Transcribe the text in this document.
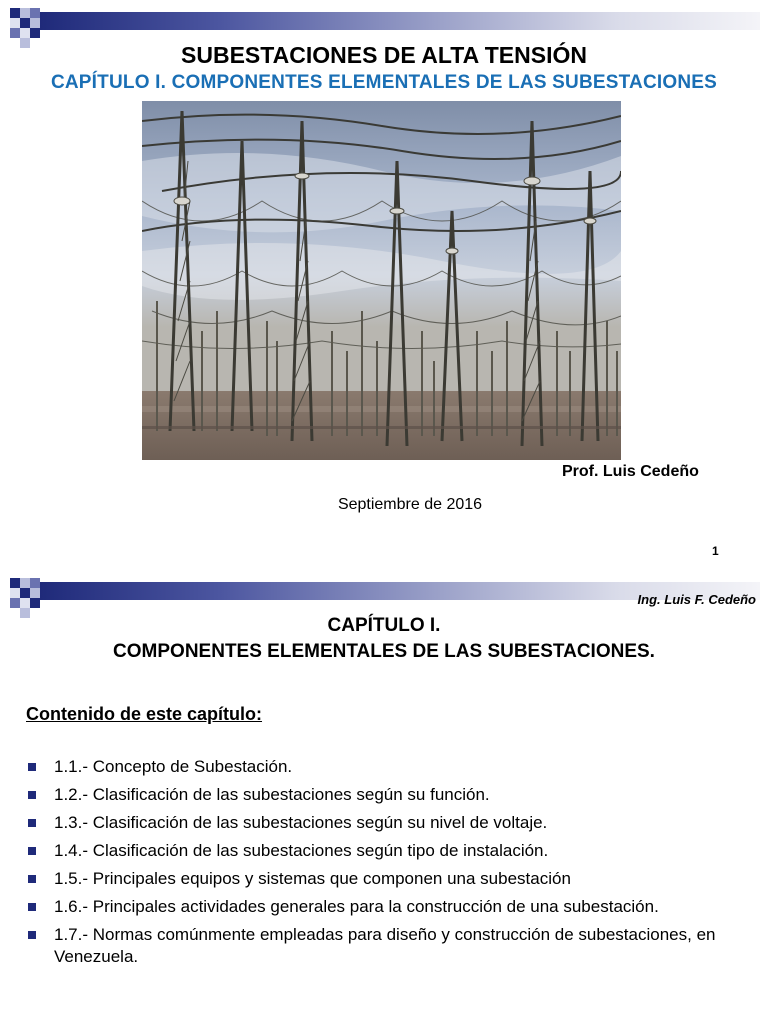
SUBESTACIONES DE ALTA TENSIÓN
CAPÍTULO I. COMPONENTES ELEMENTALES DE LAS SUBESTACIONES
Prof. Luis Cedeño
Septiembre de 2016
1
Ing. Luis F. Cedeño
CAPÍTULO I.
COMPONENTES ELEMENTALES DE LAS SUBESTACIONES.
Contenido de este capítulo:
1.1.- Concepto de Subestación.
1.2.- Clasificación de las subestaciones según su función.
1.3.- Clasificación de las subestaciones según su nivel de voltaje.
1.4.- Clasificación de las subestaciones según tipo de instalación.
1.5.- Principales equipos y sistemas que componen una subestación
1.6.- Principales actividades generales para la construcción de una subestación.
1.7.- Normas comúnmente empleadas para diseño y construcción de subestaciones, en Venezuela.
